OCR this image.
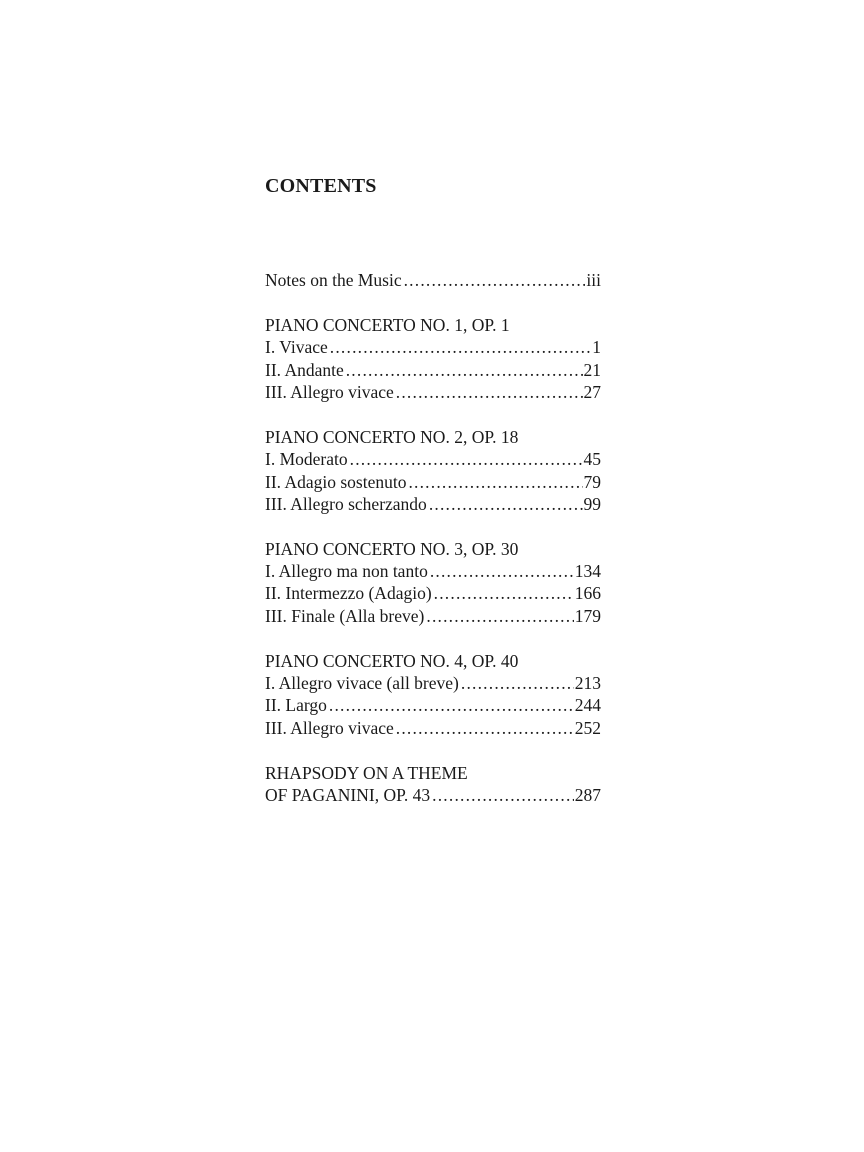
CONTENTS
Notes on the Music .....	iii
PIANO CONCERTO NO. 1, OP. 1
I. Vivace .....	1
II. Andante .....	21
III. Allegro vivace .....	27
PIANO CONCERTO NO. 2, OP. 18
I. Moderato .....	45
II. Adagio sostenuto .....	79
III. Allegro scherzando .....	99
PIANO CONCERTO NO. 3, OP. 30
I. Allegro ma non tanto .....	134
II. Intermezzo (Adagio) .....	166
III. Finale (Alla breve) .....	179
PIANO CONCERTO NO. 4, OP. 40
I. Allegro vivace (all breve) .....	213
II. Largo .....	244
III. Allegro vivace .....	252
RHAPSODY ON A THEME
OF PAGANINI, OP. 43 .....	287
